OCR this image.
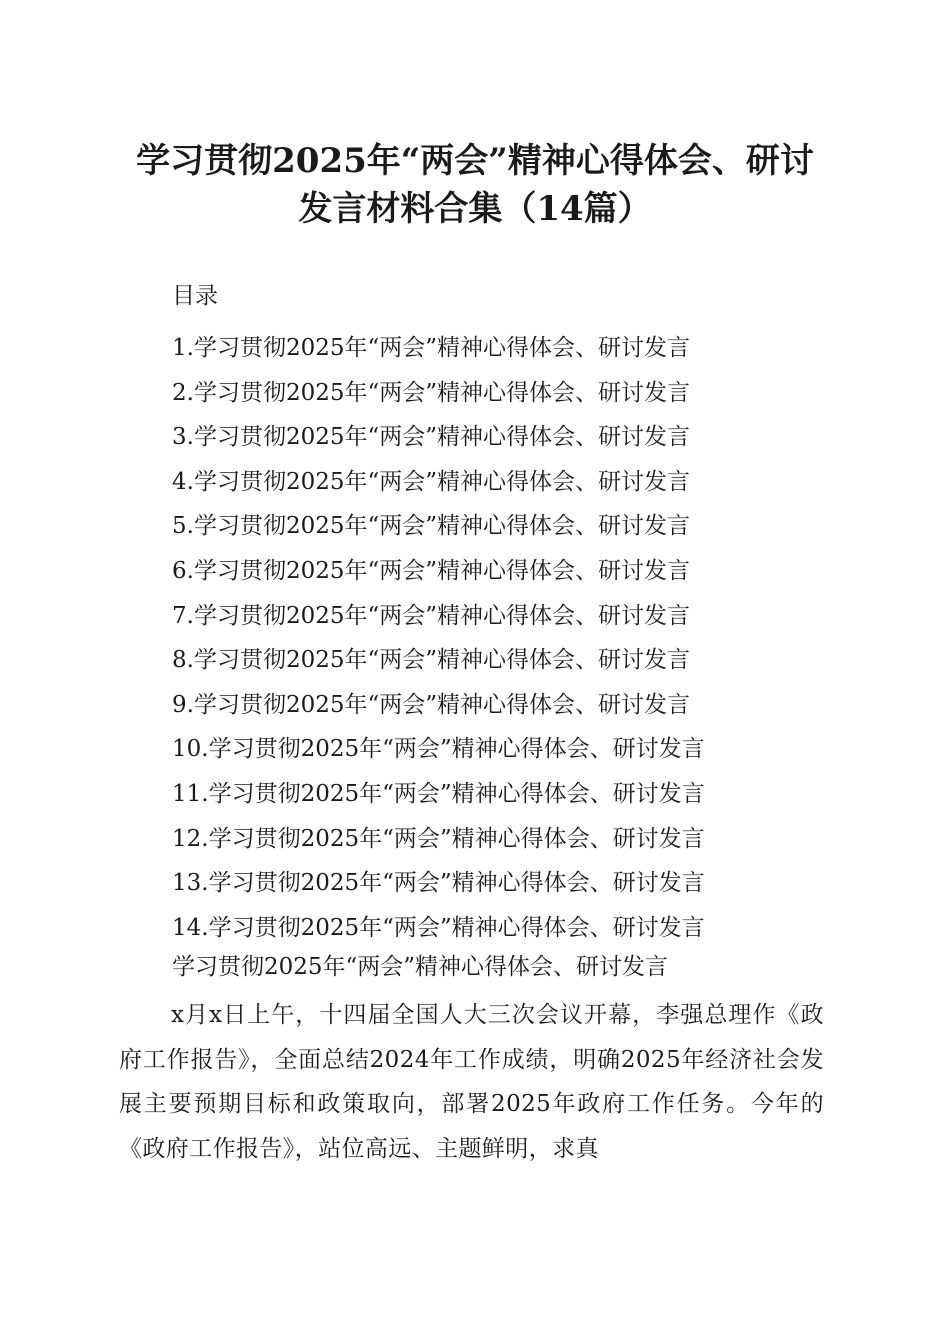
学习贯彻2025年“两会”精神心得体会、研讨发言材料合集（14篇）

目录

1.学习贯彻2025年“两会”精神心得体会、研讨发言
2.学习贯彻2025年“两会”精神心得体会、研讨发言
3.学习贯彻2025年“两会”精神心得体会、研讨发言
4.学习贯彻2025年“两会”精神心得体会、研讨发言
5.学习贯彻2025年“两会”精神心得体会、研讨发言
6.学习贯彻2025年“两会”精神心得体会、研讨发言
7.学习贯彻2025年“两会”精神心得体会、研讨发言
8.学习贯彻2025年“两会”精神心得体会、研讨发言
9.学习贯彻2025年“两会”精神心得体会、研讨发言
10.学习贯彻2025年“两会”精神心得体会、研讨发言
11.学习贯彻2025年“两会”精神心得体会、研讨发言
12.学习贯彻2025年“两会”精神心得体会、研讨发言
13.学习贯彻2025年“两会”精神心得体会、研讨发言
14.学习贯彻2025年“两会”精神心得体会、研讨发言

学习贯彻2025年“两会”精神心得体会、研讨发言

x月x日上午，十四届全国人大三次会议开幕，李强总理作《政府工作报告》，全面总结2024年工作成绩，明确2025年经济社会发展主要预期目标和政策取向，部署2025年政府工作任务。今年的《政府工作报告》，站位高远、主题鲜明，求真
